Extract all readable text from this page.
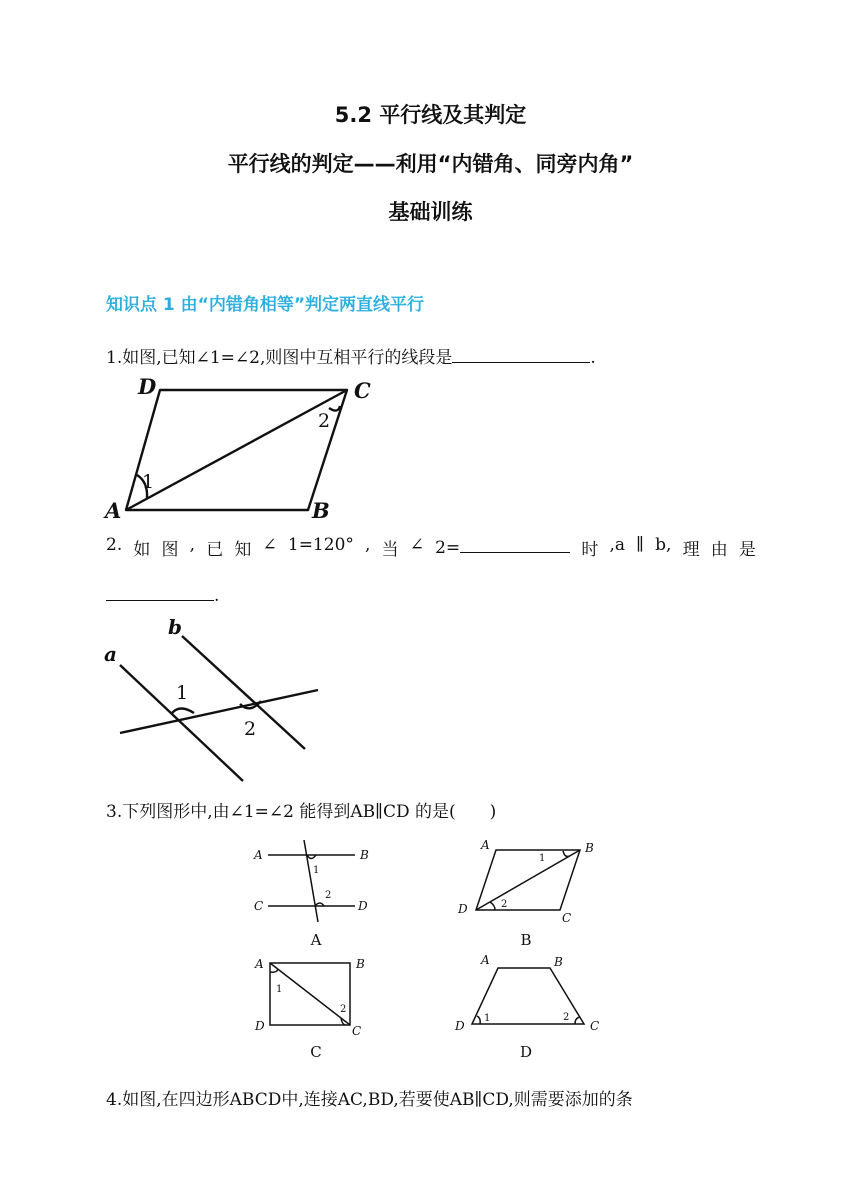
5.2 平行线及其判定
平行线的判定——利用“内错角、同旁内角”
基础训练
知识点 1 由“内错角相等”判定两直线平行
1.如图,已知∠1=∠2,则图中互相平行的线段是	.
D	C
A	B
1
2
2. 如 图 , 已 知 ∠ 1=120° , 当 ∠ 2=	时 ,a ∥ b, 理 由 是
.
a
b
1
2
3.下列图形中,由∠1=∠2 能得到AB∥CD 的是(　　)
A	B
C	D
1
2
A
A	B
C
D
1
2
B
A	B
C
D
1
2
C
A	B
C
D
1	2
D
4.如图,在四边形ABCD中,连接AC,BD,若要使AB∥CD,则需要添加的条
